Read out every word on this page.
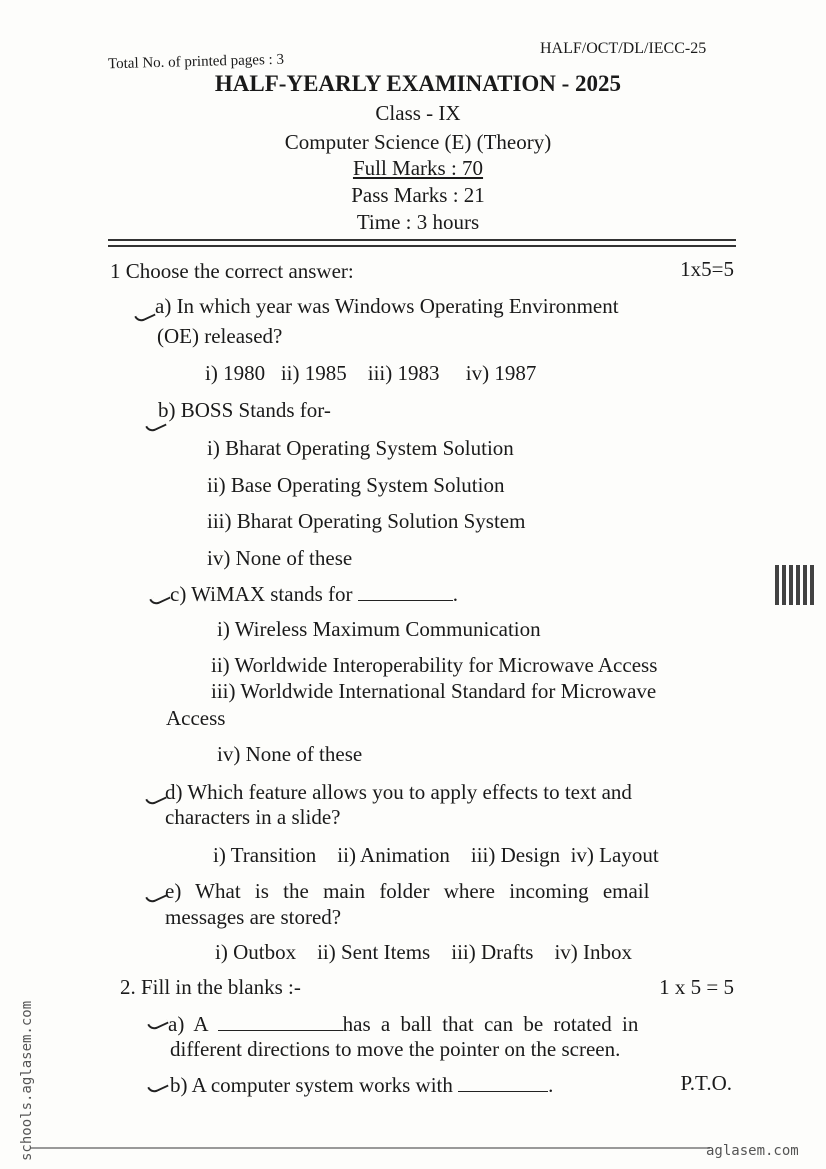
Total No. of printed pages : 3
HALF/OCT/DL/IECC-25
HALF-YEARLY EXAMINATION - 2025
Class - IX
Computer Science (E) (Theory)
Full Marks : 70
Pass Marks : 21
Time : 3 hours
1 Choose the correct answer:	1x5=5
a) In which year was Windows Operating Environment
(OE) released?
i) 1980   ii) 1985    iii) 1983     iv) 1987
b) BOSS Stands for-
i) Bharat Operating System Solution
ii) Base Operating System Solution
iii) Bharat Operating Solution System
iv) None of these
c) WiMAX stands for	.
i) Wireless Maximum Communication
ii) Worldwide Interoperability for Microwave Access
iii) Worldwide International Standard for Microwave
Access
iv) None of these
d) Which feature allows you to apply effects to text and
characters in a slide?
i) Transition    ii) Animation    iii) Design  iv) Layout
e) What is the main folder where incoming email
messages are stored?
i) Outbox    ii) Sent Items    iii) Drafts    iv) Inbox
2. Fill in the blanks :-	1 x 5 = 5
a) A	has a ball that can be rotated in
different directions to move the pointer on the screen.
b) A computer system works with	.	P.T.O.
schools.aglasem.com	aglasem.com
